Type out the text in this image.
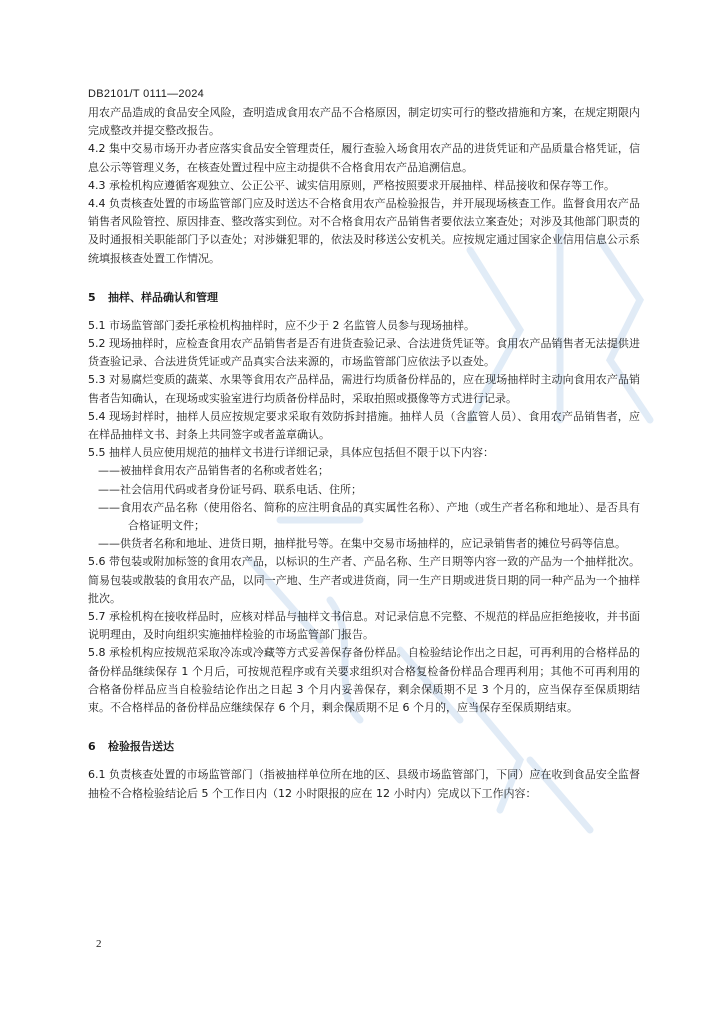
DB2101/T 0111—2024

用农产品造成的食品安全风险，查明造成食用农产品不合格原因，制定切实可行的整改措施和方案，在规定期限内完成整改并提交整改报告。

4.2 集中交易市场开办者应落实食品安全管理责任，履行查验入场食用农产品的进货凭证和产品质量合格凭证，信息公示等管理义务，在核查处置过程中应主动提供不合格食用农产品追溯信息。

4.3 承检机构应遵循客观独立、公正公平、诚实信用原则，严格按照要求开展抽样、样品接收和保存等工作。

4.4 负责核查处置的市场监管部门应及时送达不合格食用农产品检验报告，并开展现场核查工作。监督食用农产品销售者风险管控、原因排查、整改落实到位。对不合格食用农产品销售者要依法立案查处；对涉及其他部门职责的及时通报相关职能部门予以查处；对涉嫌犯罪的，依法及时移送公安机关。应按规定通过国家企业信用信息公示系统填报核查处置工作情况。

5 抽样、样品确认和管理

5.1 市场监管部门委托承检机构抽样时，应不少于 2 名监管人员参与现场抽样。

5.2 现场抽样时，应检查食用农产品销售者是否有进货查验记录、合法进货凭证等。食用农产品销售者无法提供进货查验记录、合法进货凭证或产品真实合法来源的，市场监管部门应依法予以查处。

5.3 对易腐烂变质的蔬菜、水果等食用农产品样品，需进行均质备份样品的，应在现场抽样时主动向食用农产品销售者告知确认，在现场或实验室进行均质备份样品时，采取拍照或摄像等方式进行记录。

5.4 现场封样时，抽样人员应按规定要求采取有效防拆封措施。抽样人员（含监管人员）、食用农产品销售者，应在样品抽样文书、封条上共同签字或者盖章确认。

5.5 抽样人员应使用规范的抽样文书进行详细记录，具体应包括但不限于以下内容：

——被抽样食用农产品销售者的名称或者姓名；

——社会信用代码或者身份证号码、联系电话、住所；

——食用农产品名称（使用俗名、简称的应注明食品的真实属性名称）、产地（或生产者名称和地址）、是否具有合格证明文件；

——供货者名称和地址、进货日期，抽样批号等。在集中交易市场抽样的，应记录销售者的摊位号码等信息。

5.6 带包装或附加标签的食用农产品，以标识的生产者、产品名称、生产日期等内容一致的产品为一个抽样批次。简易包装或散装的食用农产品，以同一产地、生产者或进货商，同一生产日期或进货日期的同一种产品为一个抽样批次。

5.7 承检机构在接收样品时，应核对样品与抽样文书信息。对记录信息不完整、不规范的样品应拒绝接收，并书面说明理由，及时向组织实施抽样检验的市场监管部门报告。

5.8 承检机构应按规范采取冷冻或冷藏等方式妥善保存备份样品。自检验结论作出之日起，可再利用的合格样品的备份样品继续保存 1 个月后，可按规范程序或有关要求组织对合格复检备份样品合理再利用；其他不可再利用的合格备份样品应当自检验结论作出之日起 3 个月内妥善保存，剩余保质期不足 3 个月的，应当保存至保质期结束。不合格样品的备份样品应继续保存 6 个月，剩余保质期不足 6 个月的，应当保存至保质期结束。

6 检验报告送达

6.1 负责核查处置的市场监管部门（指被抽样单位所在地的区、县级市场监管部门，下同）应在收到食品安全监督抽检不合格检验结论后 5 个工作日内（12 小时限报的应在 12 小时内）完成以下工作内容：

2
